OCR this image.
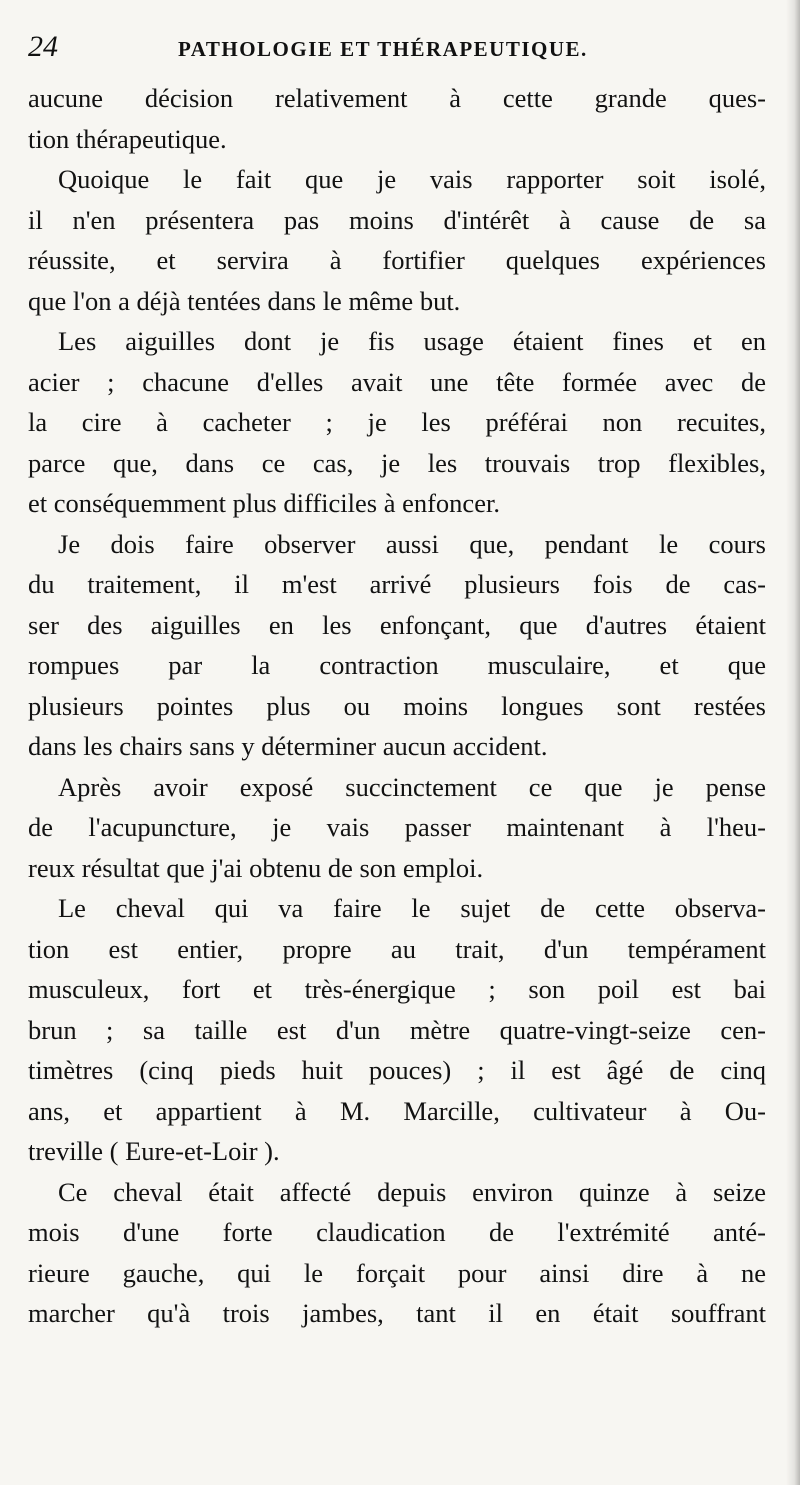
24	PATHOLOGIE ET THÉRAPEUTIQUE.
aucune décision relativement à cette grande ques-
tion thérapeutique.
Quoique le fait que je vais rapporter soit isolé,
il n'en présentera pas moins d'intérêt à cause de sa
réussite, et servira à fortifier quelques expériences
que l'on a déjà tentées dans le même but.
Les aiguilles dont je fis usage étaient fines et en
acier ; chacune d'elles avait une tête formée avec de
la cire à cacheter ; je les préférai non recuites,
parce que, dans ce cas, je les trouvais trop flexibles,
et conséquemment plus difficiles à enfoncer.
Je dois faire observer aussi que, pendant le cours
du traitement, il m'est arrivé plusieurs fois de cas-
ser des aiguilles en les enfonçant, que d'autres étaient
rompues par la contraction musculaire, et que
plusieurs pointes plus ou moins longues sont restées
dans les chairs sans y déterminer aucun accident.
Après avoir exposé succinctement ce que je pense
de l'acupuncture, je vais passer maintenant à l'heu-
reux résultat que j'ai obtenu de son emploi.
Le cheval qui va faire le sujet de cette observa-
tion est entier, propre au trait, d'un tempérament
musculeux, fort et très-énergique ; son poil est bai
brun ; sa taille est d'un mètre quatre-vingt-seize cen-
timètres (cinq pieds huit pouces) ; il est âgé de cinq
ans, et appartient à M. Marcille, cultivateur à Ou-
treville ( Eure-et-Loir ).
Ce cheval était affecté depuis environ quinze à seize
mois d'une forte claudication de l'extrémité anté-
rieure gauche, qui le forçait pour ainsi dire à ne
marcher qu'à trois jambes, tant il en était souffrant
